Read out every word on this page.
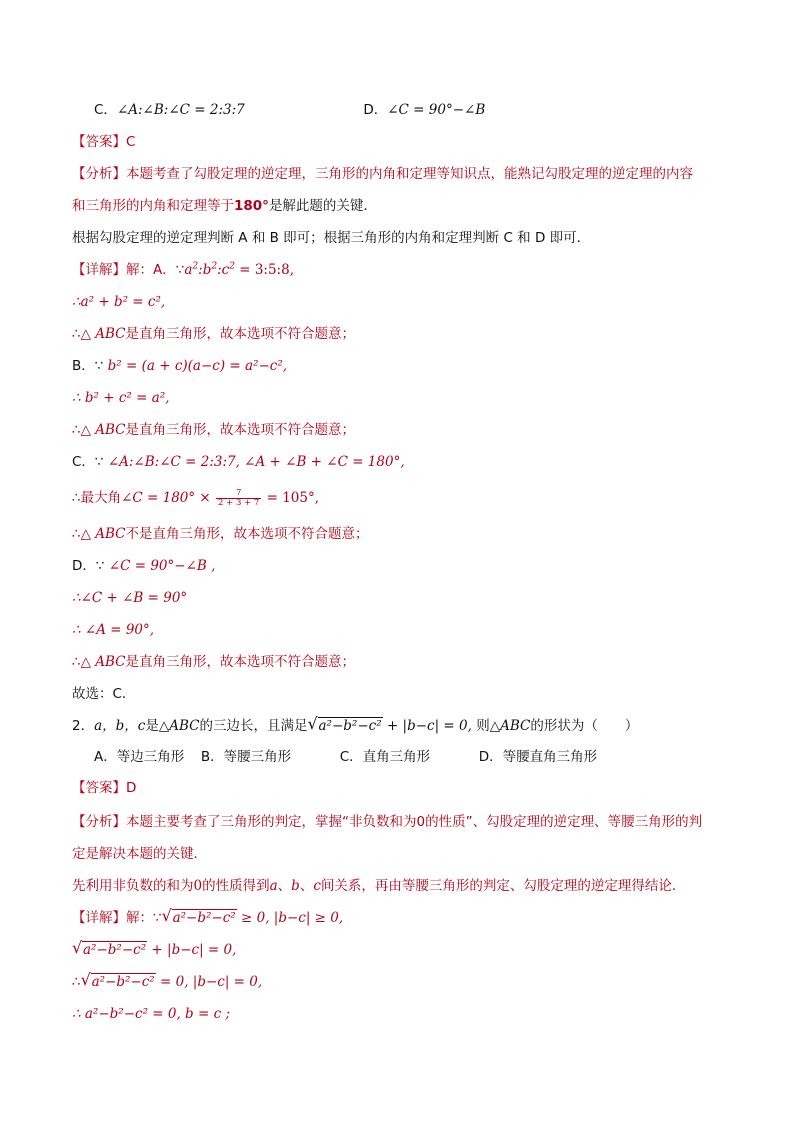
C．∠A:∠B:∠C = 2:3:7	D．∠C = 90°−∠B
【答案】C
【分析】本题考查了勾股定理的逆定理，三角形的内角和定理等知识点，能熟记勾股定理的逆定理的内容
和三角形的内角和定理等于180°是解此题的关键．
根据勾股定理的逆定理判断 A 和 B 即可；根据三角形的内角和定理判断 C 和 D 即可．
【详解】解：A．$\because a^2:b^2:c^2$ = 3:5:8,
∴a² + b² = c²,
∴△ ABC是直角三角形，故本选项不符合题意；
B．∵ b² = (a + c)(a−c) = a²−c²,
∴ b² + c² = a²,
∴△ ABC是直角三角形，故本选项不符合题意；
C．∵ ∠A:∠B:∠C = 2:3:7, ∠A + ∠B + ∠C = 180°,
∴最大角∠C = $180^\circ \times \frac{7}{2 + 3 + 7} = 105^\circ$,
∴△ ABC不是直角三角形，故本选项不符合题意；
D．∵ ∠C = 90°−∠B ,
∴∠C + ∠B = 90°
∴ ∠A = 90°,
∴△ ABC是直角三角形，故本选项不符合题意；
故选：C．
2．a，b，c是△ABC的三边长，且满足 √ a²−b²−c² + |b−c| = 0, 则△ABC的形状为（　　）
A．等边三角形 B．等腰三角形	C．直角三角形	D．等腰直角三角形
【答案】D
【分析】本题主要考查了三角形的判定，掌握“非负数和为0的性质”、勾股定理的逆定理、等腰三角形的判
定是解决本题的关键．
先利用非负数的和为0的性质得到a、b、c间关系，再由等腰三角形的判定、勾股定理的逆定理得结论．
【详解】解：∵ √ a²−b²−c² ≥ 0, |b−c| ≥ 0,
√ a²−b²−c² + |b−c| = 0,
∴ √ a²−b²−c² = 0, |b−c| = 0,
∴ a²−b²−c² = 0, b = c ;
